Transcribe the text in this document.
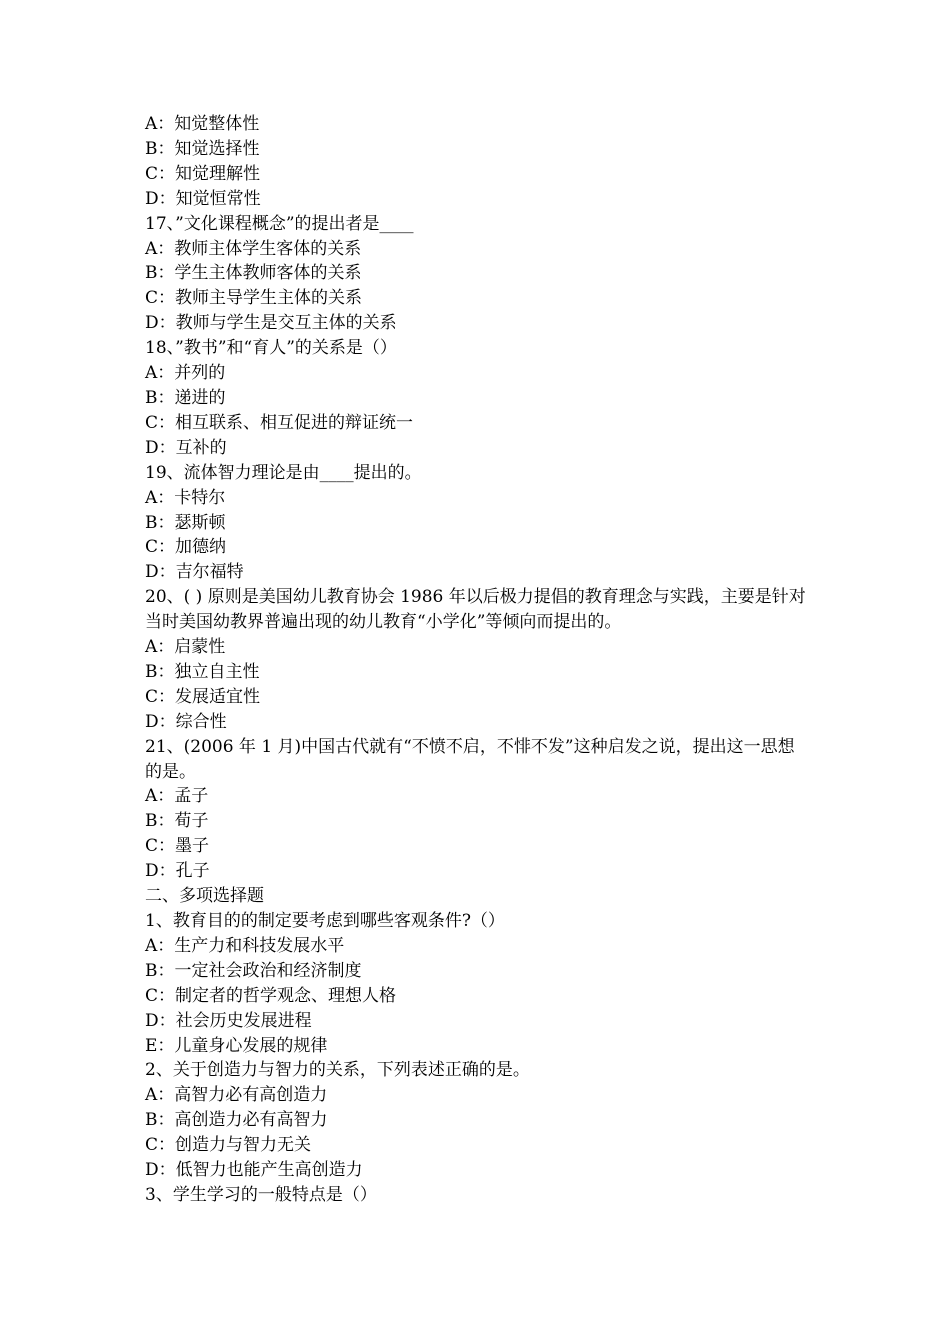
A：知觉整体性
B：知觉选择性
C：知觉理解性
D：知觉恒常性
17、”文化课程概念”的提出者是____
A：教师主体学生客体的关系
B：学生主体教师客体的关系
C：教师主导学生主体的关系
D：教师与学生是交互主体的关系
18、”教书”和“育人”的关系是（）
A：并列的
B：递进的
C：相互联系、相互促进的辩证统一
D：互补的
19、流体智力理论是由____提出的。
A：卡特尔
B：瑟斯顿
C：加德纳
D：吉尔福特
20、( ) 原则是美国幼儿教育协会 1986 年以后极力提倡的教育理念与实践，主要是针对当时美国幼教界普遍出现的幼儿教育“小学化”等倾向而提出的。
A：启蒙性
B：独立自主性
C：发展适宜性
D：综合性
21、(2006 年 1 月)中国古代就有“不愤不启，不悱不发”这种启发之说，提出这一思想的是。
A：孟子
B：荀子
C：墨子
D：孔子
二、多项选择题
1、教育目的的制定要考虑到哪些客观条件?（）
A：生产力和科技发展水平
B：一定社会政治和经济制度
C：制定者的哲学观念、理想人格
D：社会历史发展进程
E：儿童身心发展的规律
2、关于创造力与智力的关系，下列表述正确的是。
A：高智力必有高创造力
B：高创造力必有高智力
C：创造力与智力无关
D：低智力也能产生高创造力
3、学生学习的一般特点是（）
